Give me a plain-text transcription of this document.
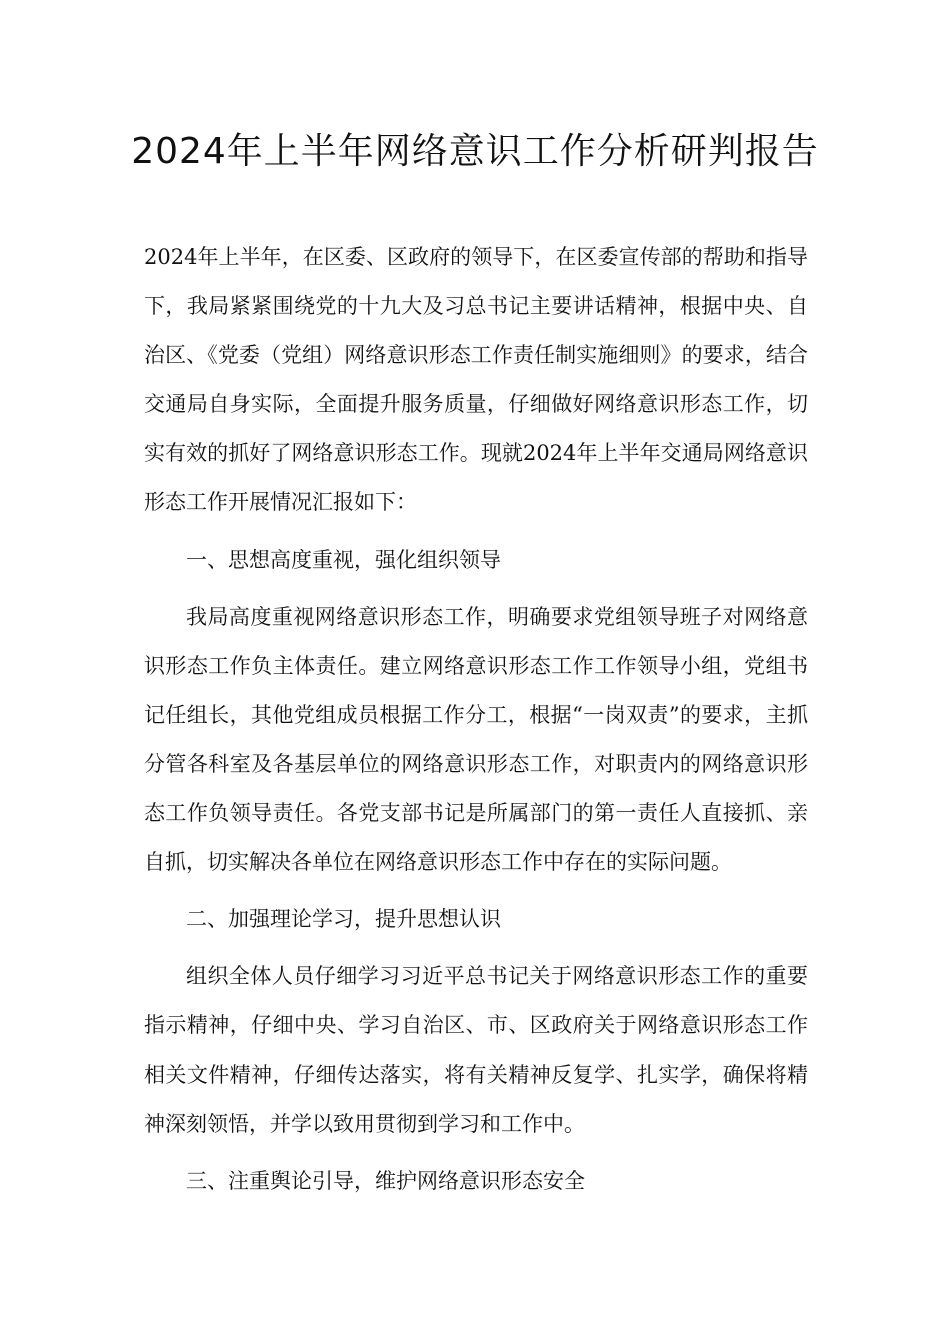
2024年上半年网络意识工作分析研判报告

2024年上半年，在区委、区政府的领导下，在区委宣传部的帮助和指导下，我局紧紧围绕党的十九大及习总书记主要讲话精神，根据中央、自治区、《党委（党组）网络意识形态工作责任制实施细则》的要求，结合交通局自身实际，全面提升服务质量，仔细做好网络意识形态工作，切实有效的抓好了网络意识形态工作。现就2024年上半年交通局网络意识形态工作开展情况汇报如下：

一、思想高度重视，强化组织领导

我局高度重视网络意识形态工作，明确要求党组领导班子对网络意识形态工作负主体责任。建立网络意识形态工作工作领导小组，党组书记任组长，其他党组成员根据工作分工，根据“一岗双责”的要求，主抓分管各科室及各基层单位的网络意识形态工作，对职责内的网络意识形态工作负领导责任。各党支部书记是所属部门的第一责任人直接抓、亲自抓，切实解决各单位在网络意识形态工作中存在的实际问题。

二、加强理论学习，提升思想认识

组织全体人员仔细学习习近平总书记关于网络意识形态工作的重要指示精神，仔细中央、学习自治区、市、区政府关于网络意识形态工作相关文件精神，仔细传达落实，将有关精神反复学、扎实学，确保将精神深刻领悟，并学以致用贯彻到学习和工作中。

三、注重舆论引导，维护网络意识形态安全
